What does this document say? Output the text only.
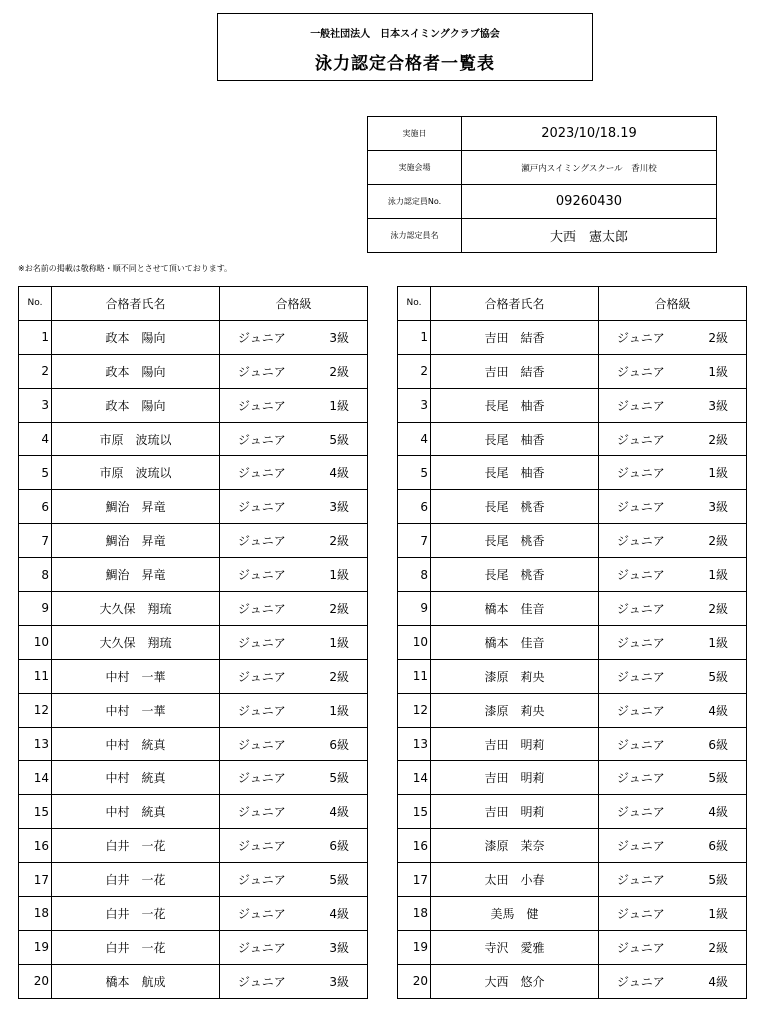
一般社団法人　日本スイミングクラブ協会
泳力認定合格者一覧表
実施日	2023/10/18.19
実施会場	瀬戸内スイミングスクール　香川校
泳力認定員No.	09260430
泳力認定員名	大西　憲太郎
※お名前の掲載は敬称略・順不同とさせて頂いております。
No.	合格者氏名	合格級
1	政本　陽向	ジュニア 3級

2	政本　陽向	ジュニア 2級

3	政本　陽向	ジュニア 1級

4	市原　波琉以	ジュニア 5級

5	市原　波琉以	ジュニア 4級

6	鯛治　昇竜	ジュニア 3級

7	鯛治　昇竜	ジュニア 2級

8	鯛治　昇竜	ジュニア 1級

9	大久保　翔琉	ジュニア 2級

10	大久保　翔琉	ジュニア 1級

11	中村　一華	ジュニア 2級

12	中村　一華	ジュニア 1級

13	中村　統真	ジュニア 6級

14	中村　統真	ジュニア 5級

15	中村　統真	ジュニア 4級

16	白井　一花	ジュニア 6級

17	白井　一花	ジュニア 5級

18	白井　一花	ジュニア 4級

19	白井　一花	ジュニア 3級

20	橋本　航成	ジュニア 3級
No.	合格者氏名	合格級
1	吉田　結香	ジュニア 2級

2	吉田　結香	ジュニア 1級

3	長尾　柚香	ジュニア 3級

4	長尾　柚香	ジュニア 2級

5	長尾　柚香	ジュニア 1級

6	長尾　桃香	ジュニア 3級

7	長尾　桃香	ジュニア 2級

8	長尾　桃香	ジュニア 1級

9	橋本　佳音	ジュニア 2級

10	橋本　佳音	ジュニア 1級

11	漆原　莉央	ジュニア 5級

12	漆原　莉央	ジュニア 4級

13	吉田　明莉	ジュニア 6級

14	吉田　明莉	ジュニア 5級

15	吉田　明莉	ジュニア 4級

16	漆原　茉奈	ジュニア 6級

17	太田　小春	ジュニア 5級

18	美馬　健	ジュニア 1級

19	寺沢　愛雅	ジュニア 2級

20	大西　悠介	ジュニア 4級
